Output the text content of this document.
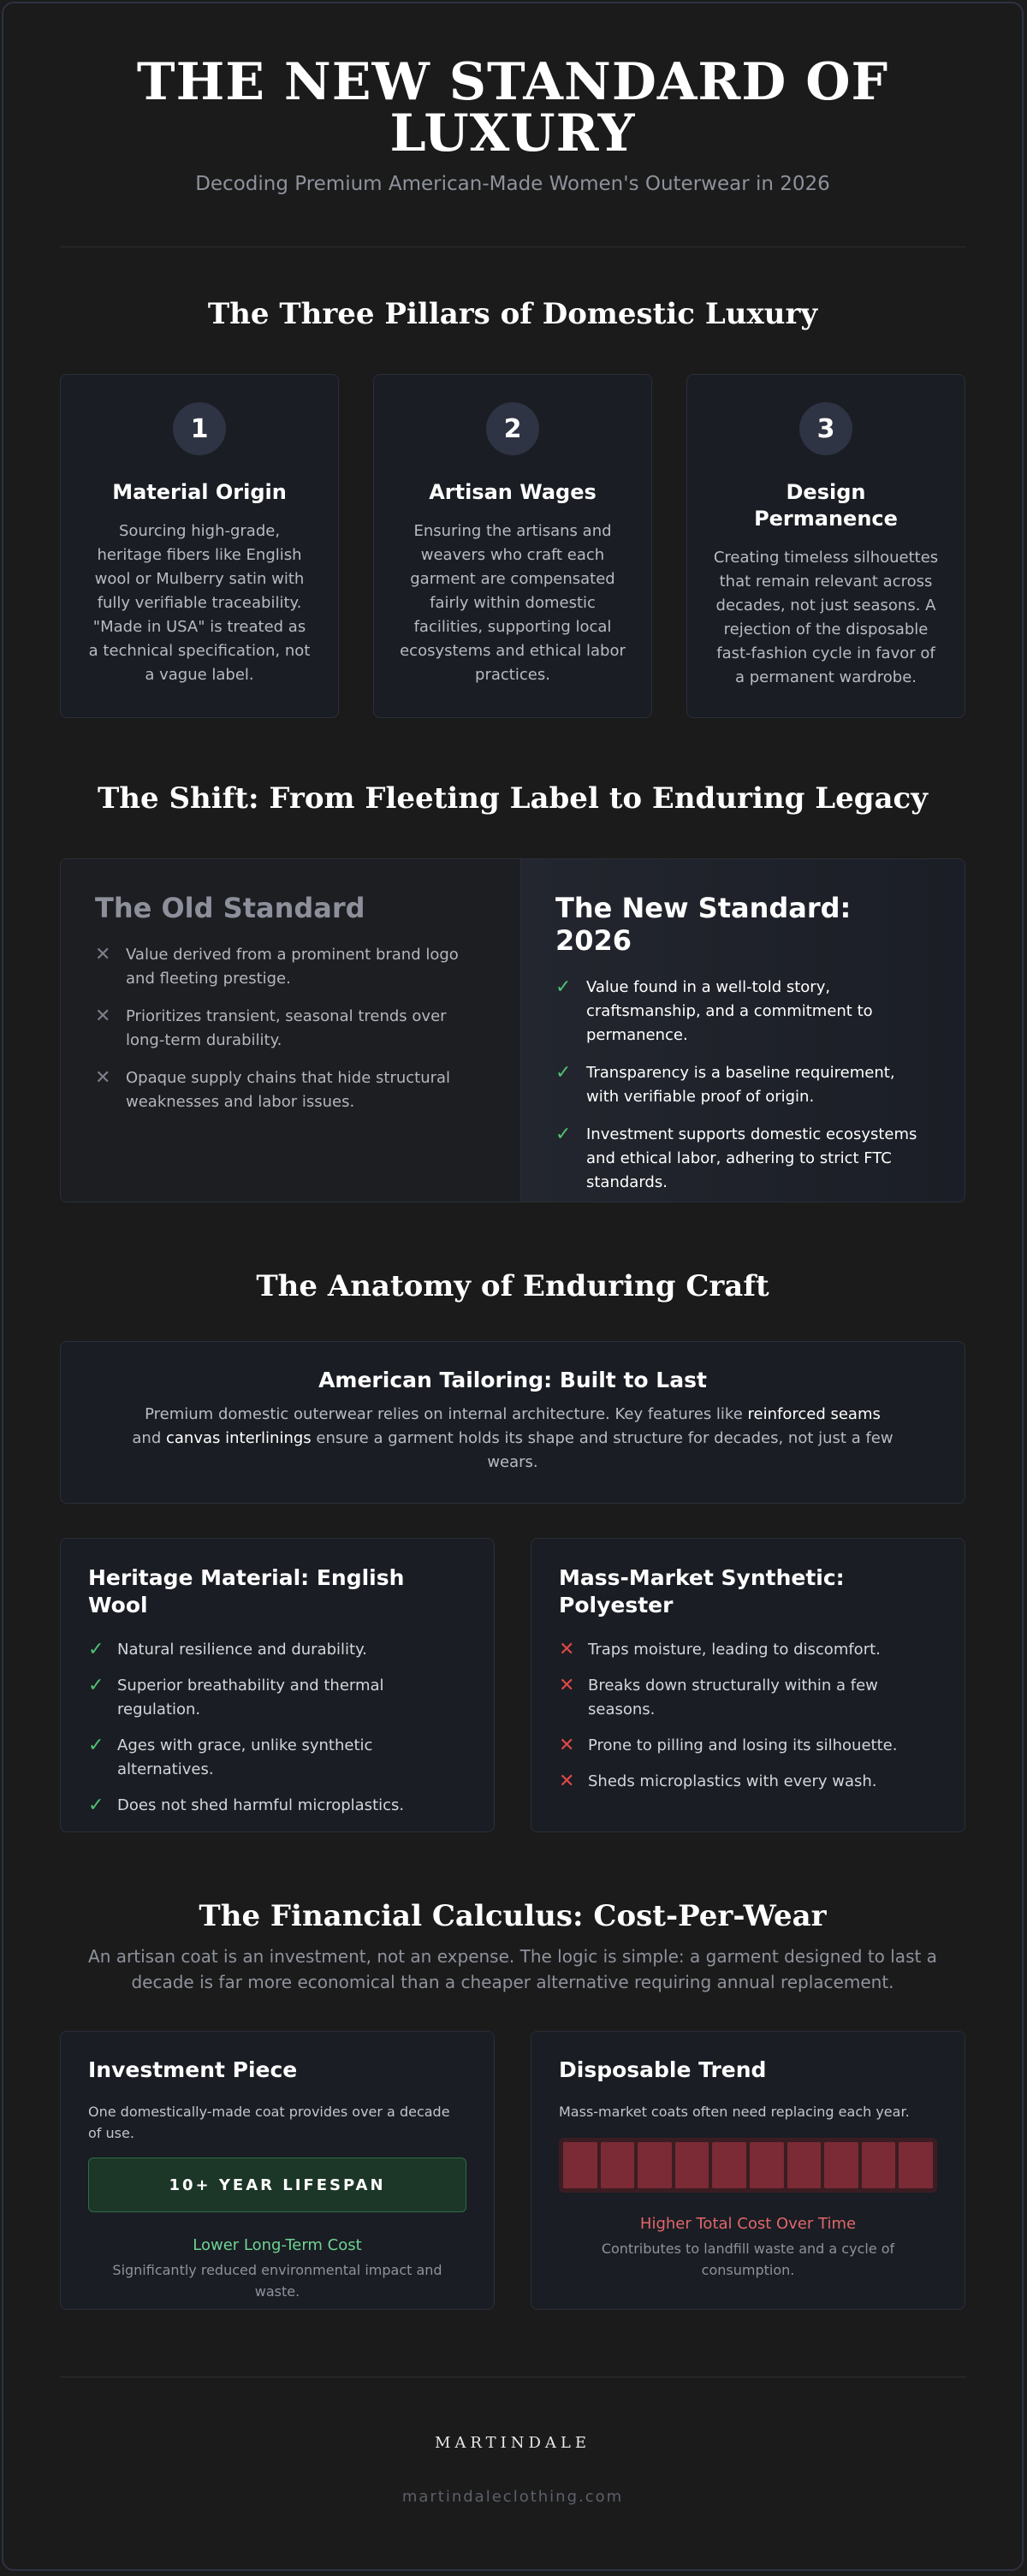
THE NEW STANDARD OF
LUXURY
Decoding Premium American-Made Women's Outerwear in 2026
The Three Pillars of Domestic Luxury
1
Material Origin
Sourcing high-grade, heritage fibers like English wool or Mulberry satin with fully verifiable traceability. "Made in USA" is treated as a technical specification, not a vague label.
2
Artisan Wages
Ensuring the artisans and weavers who craft each garment are compensated fairly within domestic facilities, supporting local ecosystems and ethical labor practices.
3
Design Permanence
Creating timeless silhouettes that remain relevant across decades, not just seasons. A rejection of the disposable fast-fashion cycle in favor of a permanent wardrobe.
The Shift: From Fleeting Label to Enduring Legacy
The Old Standard
✕ Value derived from a prominent brand logo and fleeting prestige.
✕ Prioritizes transient, seasonal trends over long-term durability.
✕ Opaque supply chains that hide structural weaknesses and labor issues.
The New Standard: 2026
✓ Value found in a well-told story, craftsmanship, and a commitment to permanence.
✓ Transparency is a baseline requirement, with verifiable proof of origin.
✓ Investment supports domestic ecosystems and ethical labor, adhering to strict FTC standards.
The Anatomy of Enduring Craft
American Tailoring: Built to Last
Premium domestic outerwear relies on internal architecture. Key features like reinforced seams and canvas interlinings ensure a garment holds its shape and structure for decades, not just a few wears.
Heritage Material: English Wool
✓ Natural resilience and durability.
✓ Superior breathability and thermal regulation.
✓ Ages with grace, unlike synthetic alternatives.
✓ Does not shed harmful microplastics.
Mass-Market Synthetic: Polyester
✕ Traps moisture, leading to discomfort.
✕ Breaks down structurally within a few seasons.
✕ Prone to pilling and losing its silhouette.
✕ Sheds microplastics with every wash.
The Financial Calculus: Cost-Per-Wear
An artisan coat is an investment, not an expense. The logic is simple: a garment designed to last a decade is far more economical than a cheaper alternative requiring annual replacement.
Investment Piece
One domestically-made coat provides over a decade of use.
10+ YEAR LIFESPAN
Lower Long-Term Cost
Significantly reduced environmental impact and waste.
Disposable Trend
Mass-market coats often need replacing each year.
Higher Total Cost Over Time
Contributes to landfill waste and a cycle of consumption.
MARTINDALE
martindaleclothing.com
